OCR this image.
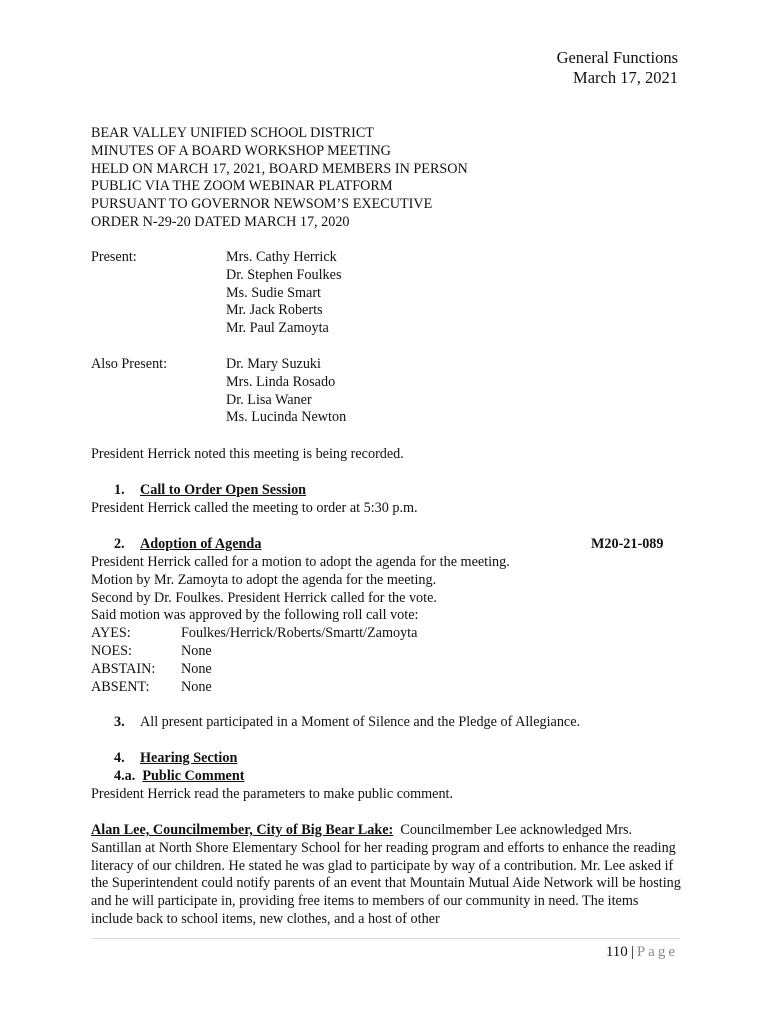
General Functions
March 17, 2021
BEAR VALLEY UNIFIED SCHOOL DISTRICT
MINUTES OF A BOARD WORKSHOP MEETING
HELD ON MARCH 17, 2021, BOARD MEMBERS IN PERSON
PUBLIC VIA THE ZOOM WEBINAR PLATFORM
PURSUANT TO GOVERNOR NEWSOM’S EXECUTIVE
ORDER N-29-20 DATED MARCH 17, 2020
Present:	Mrs. Cathy Herrick
Dr. Stephen Foulkes
Ms. Sudie Smart
Mr. Jack Roberts
Mr. Paul Zamoyta
Also Present:	Dr. Mary Suzuki
Mrs. Linda Rosado
Dr. Lisa Waner
Ms. Lucinda Newton
President Herrick noted this meeting is being recorded.
1. Call to Order Open Session
President Herrick called the meeting to order at 5:30 p.m.
2. Adoption of Agenda	M20-21-089
President Herrick called for a motion to adopt the agenda for the meeting.
Motion by Mr. Zamoyta to adopt the agenda for the meeting.
Second by Dr. Foulkes. President Herrick called for the vote.
Said motion was approved by the following roll call vote:
AYES:	Foulkes/Herrick/Roberts/Smartt/Zamoyta
NOES:	None
ABSTAIN:	None
ABSENT:	None
3. All present participated in a Moment of Silence and the Pledge of Allegiance.
4. Hearing Section
4.a. Public Comment
President Herrick read the parameters to make public comment.
Alan Lee, Councilmember, City of Big Bear Lake: Councilmember Lee acknowledged Mrs. Santillan at North Shore Elementary School for her reading program and efforts to enhance the reading literacy of our children. He stated he was glad to participate by way of a contribution. Mr. Lee asked if the Superintendent could notify parents of an event that Mountain Mutual Aide Network will be hosting and he will participate in, providing free items to members of our community in need. The items include back to school items, new clothes, and a host of other
110 | Page
